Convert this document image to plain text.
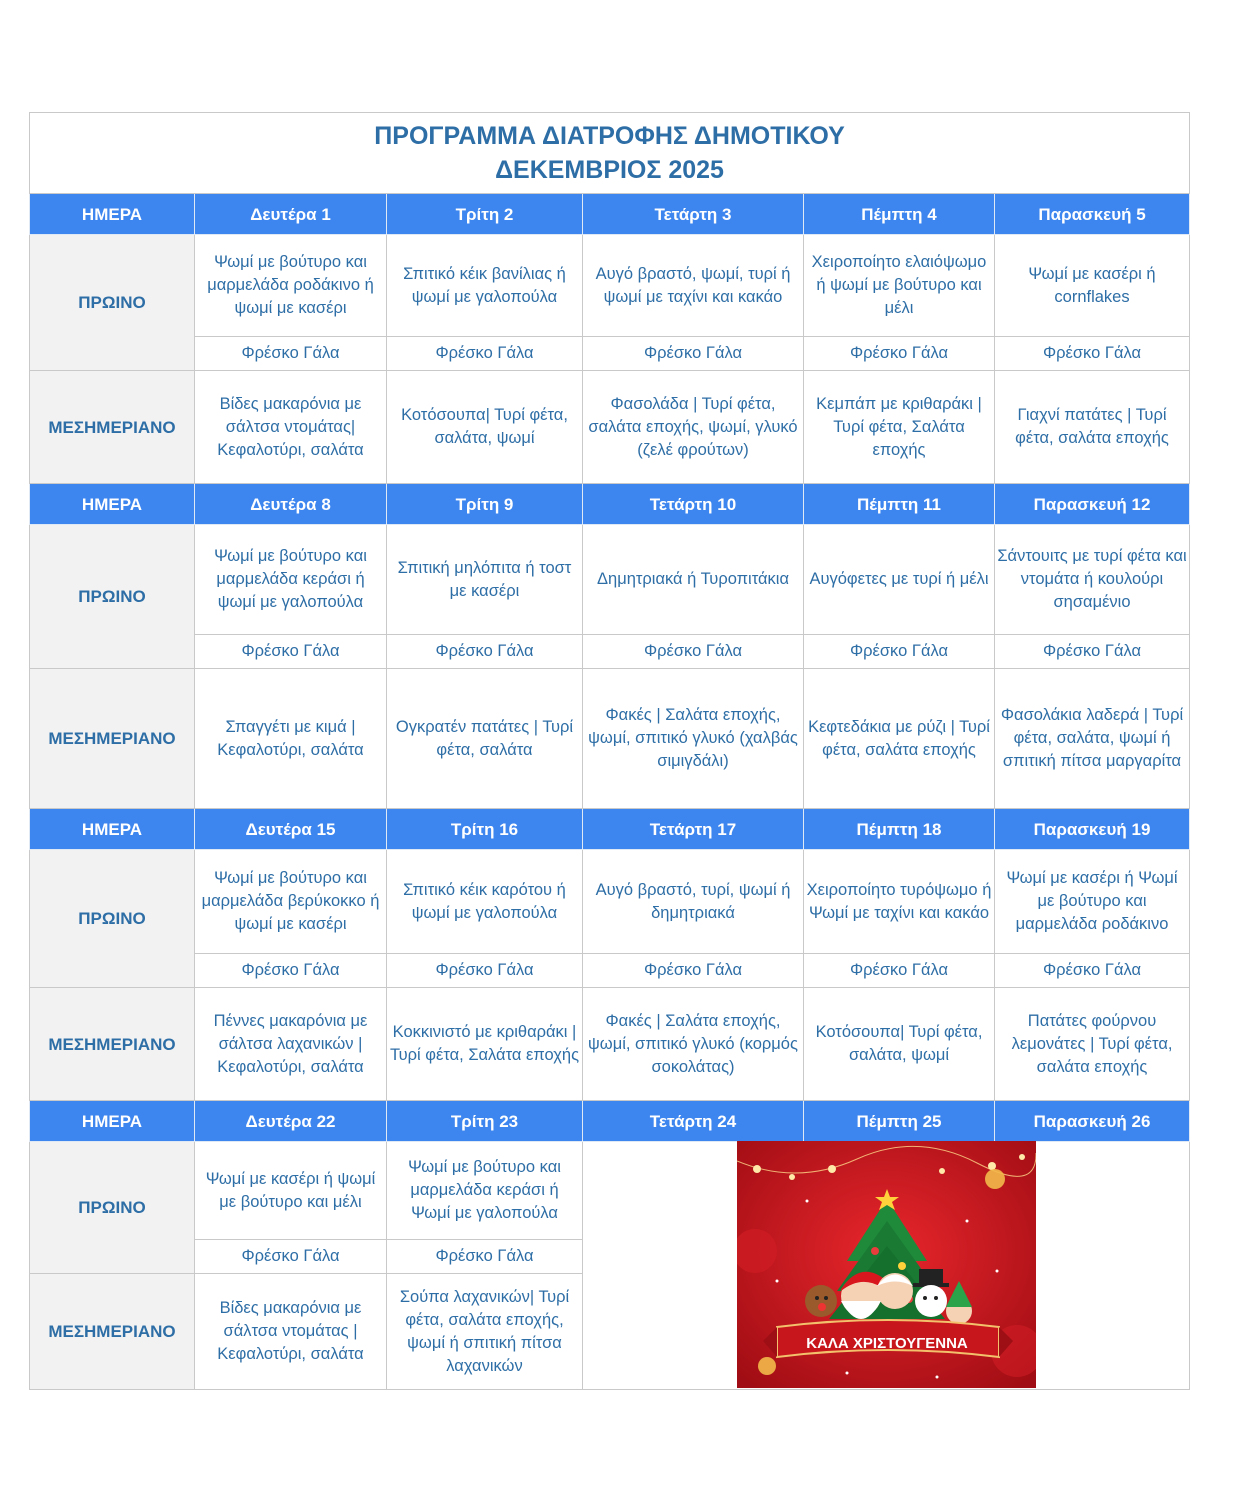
ΠΡΟΓΡΑΜΜΑ ΔΙΑΤΡΟΦΗΣ ΔΗΜΟΤΙΚΟΥ
ΔΕΚΕΜΒΡΙΟΣ 2025					

ΗΜΕΡΑ	Δευτέρα 1	Τρίτη 2	Τετάρτη 3	Πέμπτη 4	Παρασκευή 5
ΠΡΩΙΝΟ	Ψωμί με βούτυρο και μαρμελάδα ροδάκινο ή ψωμί με κασέρι	Σπιτικό κέικ βανίλιας ή ψωμί με γαλοπούλα	Αυγό βραστό, ψωμί, τυρί ή ψωμί με ταχίνι και κακάο	Χειροποίητο ελαιόψωμο ή ψωμί με βούτυρο και μέλι	Ψωμί με κασέρι ή cornflakes
	Φρέσκο Γάλα	Φρέσκο Γάλα	Φρέσκο Γάλα	Φρέσκο Γάλα	Φρέσκο Γάλα
ΜΕΣΗΜΕΡΙΑΝΟ	Βίδες μακαρόνια με σάλτσα ντομάτας| Κεφαλοτύρι, σαλάτα	Κοτόσουπα| Τυρί φέτα, σαλάτα, ψωμί	Φασολάδα | Τυρί φέτα, σαλάτα εποχής, ψωμί, γλυκό (ζελέ φρούτων)	Κεμπάπ με κριθαράκι | Τυρί φέτα, Σαλάτα εποχής	Γιαχνί πατάτες | Τυρί φέτα, σαλάτα εποχής
ΗΜΕΡΑ	Δευτέρα 8	Τρίτη 9	Τετάρτη 10	Πέμπτη 11	Παρασκευή 12
ΠΡΩΙΝΟ	Ψωμί με βούτυρο και μαρμελάδα κεράσι ή ψωμί με γαλοπούλα	Σπιτική μηλόπιτα ή τοστ με κασέρι	Δημητριακά ή Τυροπιτάκια	Αυγόφετες με τυρί ή μέλι	Σάντουιτς με τυρί φέτα και ντομάτα ή κουλούρι σησαμένιο
	Φρέσκο Γάλα	Φρέσκο Γάλα	Φρέσκο Γάλα	Φρέσκο Γάλα	Φρέσκο Γάλα
ΜΕΣΗΜΕΡΙΑΝΟ	Σπαγγέτι με κιμά | Κεφαλοτύρι, σαλάτα	Ογκρατέν πατάτες | Τυρί φέτα, σαλάτα	Φακές | Σαλάτα εποχής, ψωμί, σπιτικό γλυκό (χαλβάς σιμιγδάλι)	Κεφτεδάκια με ρύζι | Τυρί φέτα, σαλάτα εποχής	Φασολάκια λαδερά | Τυρί φέτα, σαλάτα, ψωμί ή σπιτική πίτσα μαργαρίτα
ΗΜΕΡΑ	Δευτέρα 15	Τρίτη 16	Τετάρτη 17	Πέμπτη 18	Παρασκευή 19
ΠΡΩΙΝΟ	Ψωμί με βούτυρο και μαρμελάδα βερύκοκκο ή ψωμί με κασέρι	Σπιτικό κέικ καρότου ή ψωμί με γαλοπούλα	Αυγό βραστό, τυρί, ψωμί ή δημητριακά	Χειροποίητο τυρόψωμο ή Ψωμί με ταχίνι και κακάο	Ψωμί με κασέρι ή Ψωμί με βούτυρο και μαρμελάδα ροδάκινο
	Φρέσκο Γάλα	Φρέσκο Γάλα	Φρέσκο Γάλα	Φρέσκο Γάλα	Φρέσκο Γάλα
ΜΕΣΗΜΕΡΙΑΝΟ	Πέννες μακαρόνια με σάλτσα λαχανικών | Κεφαλοτύρι, σαλάτα	Κοκκινιστό με κριθαράκι | Τυρί φέτα, Σαλάτα εποχής	Φακές | Σαλάτα εποχής, ψωμί, σπιτικό γλυκό (κορμός σοκολάτας)	Κοτόσουπα| Τυρί φέτα, σαλάτα, ψωμί	Πατάτες φούρνου λεμονάτες | Τυρί φέτα, σαλάτα εποχής
ΗΜΕΡΑ	Δευτέρα 22	Τρίτη 23	Τετάρτη 24	Πέμπτη 25	Παρασκευή 26
ΠΡΩΙΝΟ	Ψωμί με κασέρι ή ψωμί με βούτυρο και μέλι	Ψωμί με βούτυρο και μαρμελάδα κεράσι ή Ψωμί με γαλοπούλα	ΚΑΛΑ ΧΡΙΣΤΟΥΓΕΝΝΑ		

	Φρέσκο Γάλα	Φρέσκο Γάλα			
ΜΕΣΗΜΕΡΙΑΝΟ	Βίδες μακαρόνια με σάλτσα ντομάτας | Κεφαλοτύρι, σαλάτα	Σούπα λαχανικών| Τυρί φέτα, σαλάτα εποχής, ψωμί ή σπιτική πίτσα λαχανικών			
